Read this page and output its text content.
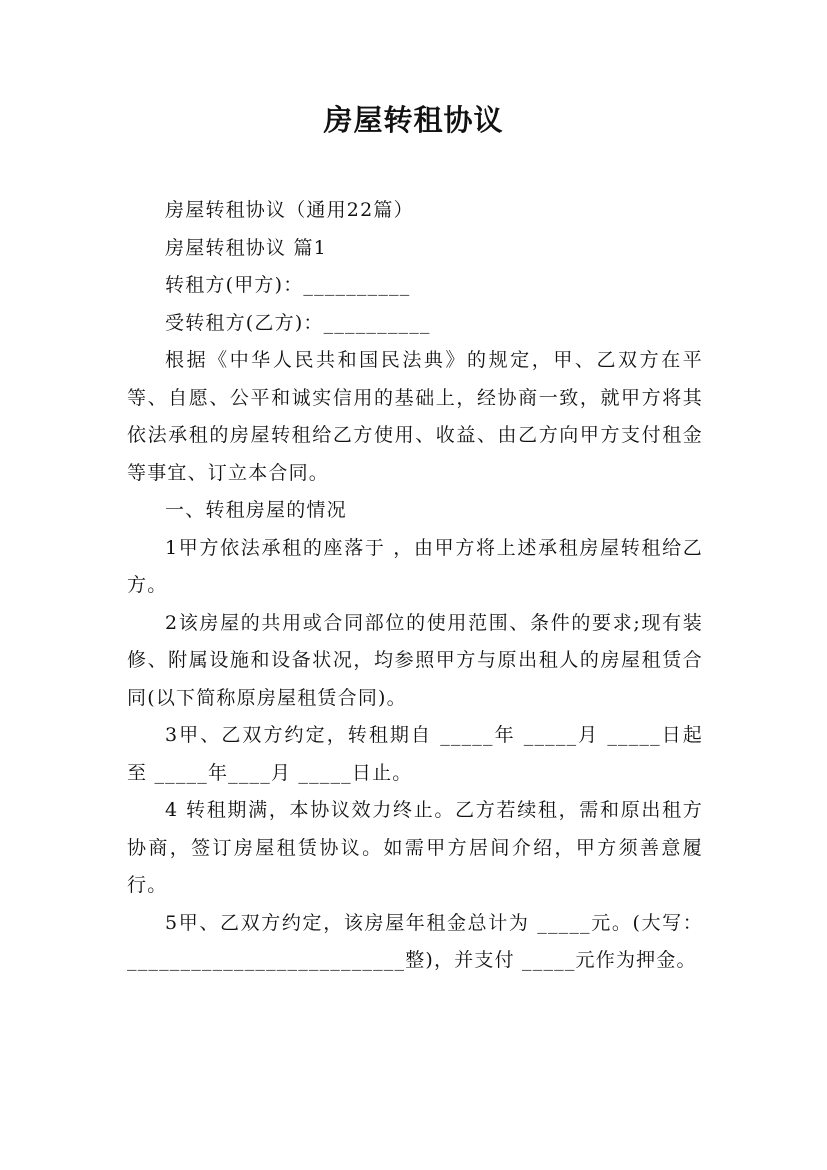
房屋转租协议

房屋转租协议（通用22篇）

房屋转租协议 篇1

转租方(甲方)：__________

受转租方(乙方)：__________

根据《中华人民共和国民法典》的规定，甲、乙双方在平等、自愿、公平和诚实信用的基础上，经协商一致，就甲方将其依法承租的房屋转租给乙方使用、收益、由乙方向甲方支付租金等事宜、订立本合同。

一、转租房屋的情况

1甲方依法承租的座落于 ，由甲方将上述承租房屋转租给乙方。

2该房屋的共用或合同部位的使用范围、条件的要求;现有装修、附属设施和设备状况，均参照甲方与原出租人的房屋租赁合同(以下简称原房屋租赁合同)。

3甲、乙双方约定，转租期自 _____年 _____月 _____日起至 _____年____月 _____日止。

4 转租期满，本协议效力终止。乙方若续租，需和原出租方协商，签订房屋租赁协议。如需甲方居间介绍，甲方须善意履行。

5甲、乙双方约定，该房屋年租金总计为 _____元。(大写：__________________________整)，并支付 _____元作为押金。
